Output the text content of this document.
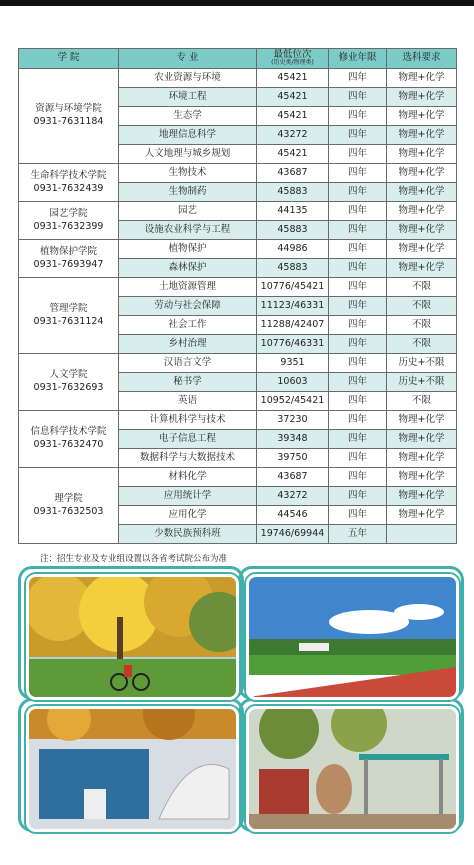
学 院	专 业	最低位次
(历史类/物理类)	修业年限	选科要求

资源与环境学院
0931-7631184	农业资源与环境	45421	四年	物理+化学
	环境工程	45421	四年	物理+化学
	生态学	45421	四年	物理+化学
	地理信息科学	43272	四年	物理+化学
	人文地理与城乡规划	45421	四年	物理+化学

生命科学技术学院
0931-7632439	生物技术	43687	四年	物理+化学
	生物制药	45883	四年	物理+化学

园艺学院
0931-7632399	园艺	44135	四年	物理+化学
	设施农业科学与工程	45883	四年	物理+化学

植物保护学院
0931-7693947	植物保护	44986	四年	物理+化学
	森林保护	45883	四年	物理+化学

管理学院
0931-7631124	土地资源管理	10776/45421	四年	不限
	劳动与社会保障	11123/46331	四年	不限
	社会工作	11288/42407	四年	不限
	乡村治理	10776/46331	四年	不限

人文学院
0931-7632693	汉语言文学	9351	四年	历史+不限
	秘书学	10603	四年	历史+不限
	英语	10952/45421	四年	不限

信息科学技术学院
0931-7632470	计算机科学与技术	37230	四年	物理+化学
	电子信息工程	39348	四年	物理+化学
	数据科学与大数据技术	39750	四年	物理+化学

理学院
0931-7632503	材料化学	43687	四年	物理+化学
	应用统计学	43272	四年	物理+化学
	应用化学	44546	四年	物理+化学
	少数民族预科班	19746/69944	五年	
注：招生专业及专业组设置以各省考试院公布为准
